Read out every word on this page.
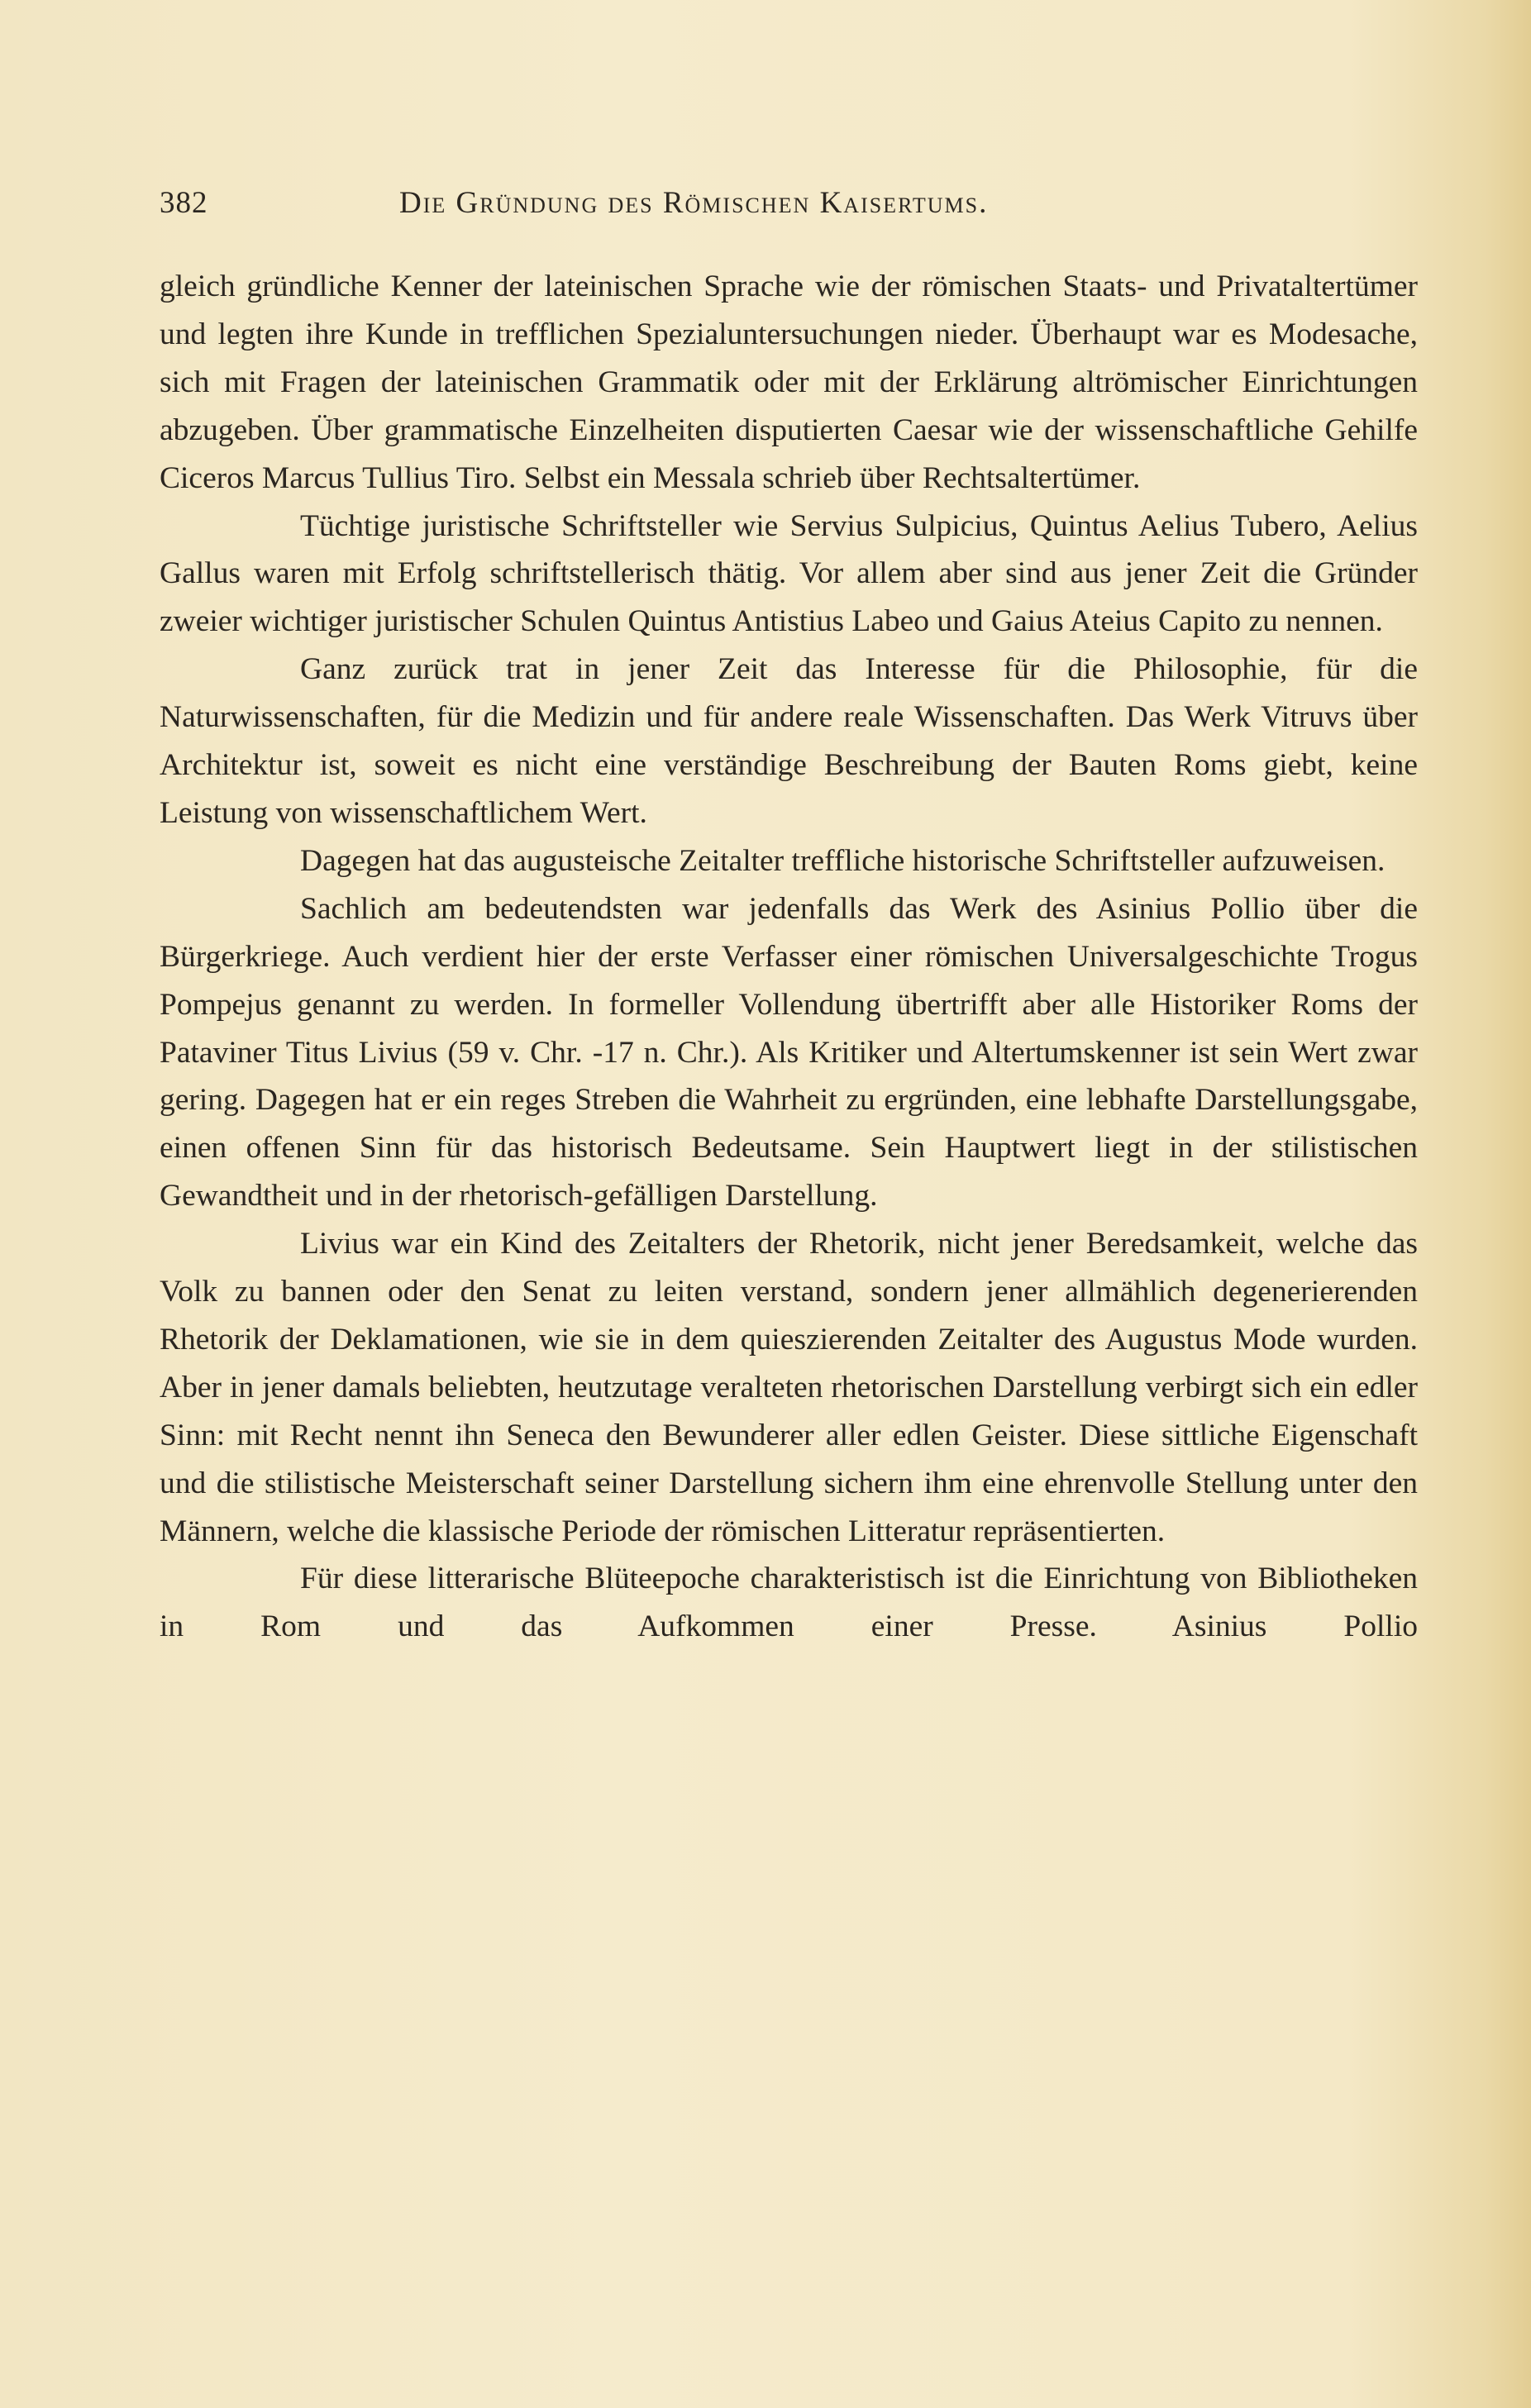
382	Die Gründung des Römischen Kaisertums.

gleich gründliche Kenner der lateinischen Sprache wie der römischen Staats- und Privataltertümer und legten ihre Kunde in trefflichen Spezialuntersuchungen nieder. Überhaupt war es Modesache, sich mit Fragen der lateinischen Grammatik oder mit der Erklärung altrömischer Einrichtungen abzugeben. Über grammatische Einzelheiten disputierten Caesar wie der wissenschaftliche Gehilfe Ciceros Marcus Tullius Tiro. Selbst ein Messala schrieb über Rechtsaltertümer.

Tüchtige juristische Schriftsteller wie Servius Sulpicius, Quintus Aelius Tubero, Aelius Gallus waren mit Erfolg schriftstellerisch thätig. Vor allem aber sind aus jener Zeit die Gründer zweier wichtiger juristischer Schulen Quintus Antistius Labeo und Gaius Ateius Capito zu nennen.

Ganz zurück trat in jener Zeit das Interesse für die Philosophie, für die Naturwissenschaften, für die Medizin und für andere reale Wissenschaften. Das Werk Vitruvs über Architektur ist, soweit es nicht eine verständige Beschreibung der Bauten Roms giebt, keine Leistung von wissenschaftlichem Wert.

Dagegen hat das augusteische Zeitalter treffliche historische Schriftsteller aufzuweisen.

Sachlich am bedeutendsten war jedenfalls das Werk des Asinius Pollio über die Bürgerkriege. Auch verdient hier der erste Verfasser einer römischen Universalgeschichte Trogus Pompejus genannt zu werden. In formeller Vollendung übertrifft aber alle Historiker Roms der Pataviner Titus Livius (59 v. Chr. -17 n. Chr.). Als Kritiker und Altertumskenner ist sein Wert zwar gering. Dagegen hat er ein reges Streben die Wahrheit zu ergründen, eine lebhafte Darstellungsgabe, einen offenen Sinn für das historisch Bedeutsame. Sein Hauptwert liegt in der stilistischen Gewandtheit und in der rhetorisch-gefälligen Darstellung.

Livius war ein Kind des Zeitalters der Rhetorik, nicht jener Beredsamkeit, welche das Volk zu bannen oder den Senat zu leiten verstand, sondern jener allmählich degenerierenden Rhetorik der Deklamationen, wie sie in dem quieszierenden Zeitalter des Augustus Mode wurden. Aber in jener damals beliebten, heutzutage veralteten rhetorischen Darstellung verbirgt sich ein edler Sinn: mit Recht nennt ihn Seneca den Bewunderer aller edlen Geister. Diese sittliche Eigenschaft und die stilistische Meisterschaft seiner Darstellung sichern ihm eine ehrenvolle Stellung unter den Männern, welche die klassische Periode der römischen Litteratur repräsentierten.

Für diese litterarische Blüteepoche charakteristisch ist die Einrichtung von Bibliotheken in Rom und das Aufkommen einer Presse. Asinius Pollio
